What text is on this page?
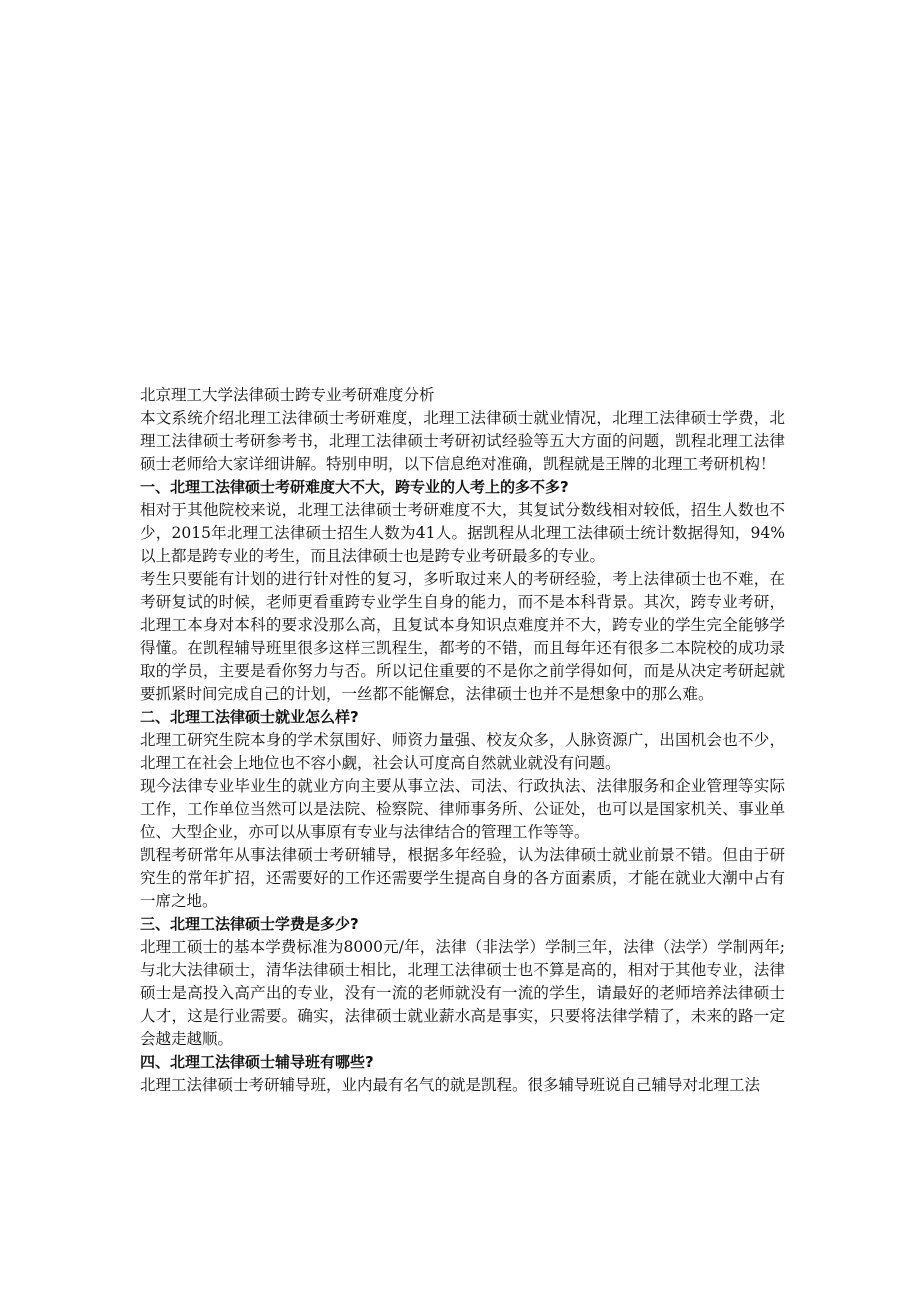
北京理工大学法律硕士跨专业考研难度分析

本文系统介绍北理工法律硕士考研难度，北理工法律硕士就业情况，北理工法律硕士学费，北理工法律硕士考研参考书，北理工法律硕士考研初试经验等五大方面的问题，凯程北理工法律硕士老师给大家详细讲解。特别申明，以下信息绝对准确，凯程就是王牌的北理工考研机构！

一、北理工法律硕士考研难度大不大，跨专业的人考上的多不多?

相对于其他院校来说，北理工法律硕士考研难度不大，其复试分数线相对较低，招生人数也不少，2015年北理工法律硕士招生人数为41人。据凯程从北理工法律硕士统计数据得知，94%以上都是跨专业的考生，而且法律硕士也是跨专业考研最多的专业。

考生只要能有计划的进行针对性的复习，多听取过来人的考研经验，考上法律硕士也不难，在考研复试的时候，老师更看重跨专业学生自身的能力，而不是本科背景。其次，跨专业考研，北理工本身对本科的要求没那么高，且复试本身知识点难度并不大，跨专业的学生完全能够学得懂。在凯程辅导班里很多这样三凯程生，都考的不错，而且每年还有很多二本院校的成功录取的学员，主要是看你努力与否。所以记住重要的不是你之前学得如何，而是从决定考研起就要抓紧时间完成自己的计划，一丝都不能懈怠，法律硕士也并不是想象中的那么难。

二、北理工法律硕士就业怎么样?

北理工研究生院本身的学术氛围好、师资力量强、校友众多，人脉资源广，出国机会也不少，北理工在社会上地位也不容小觑，社会认可度高自然就业就没有问题。

现今法律专业毕业生的就业方向主要从事立法、司法、行政执法、法律服务和企业管理等实际工作，工作单位当然可以是法院、检察院、律师事务所、公证处，也可以是国家机关、事业单位、大型企业，亦可以从事原有专业与法律结合的管理工作等等。

凯程考研常年从事法律硕士考研辅导，根据多年经验，认为法律硕士就业前景不错。但由于研究生的常年扩招，还需要好的工作还需要学生提高自身的各方面素质，才能在就业大潮中占有一席之地。

三、北理工法律硕士学费是多少?

北理工硕士的基本学费标准为8000元/年，法律（非法学）学制三年，法律（法学）学制两年; 与北大法律硕士，清华法律硕士相比，北理工法律硕士也不算是高的，相对于其他专业，法律硕士是高投入高产出的专业，没有一流的老师就没有一流的学生，请最好的老师培养法律硕士人才，这是行业需要。确实，法律硕士就业薪水高是事实，只要将法律学精了，未来的路一定会越走越顺。

四、北理工法律硕士辅导班有哪些?

北理工法律硕士考研辅导班，业内最有名气的就是凯程。很多辅导班说自己辅导对北理工法
